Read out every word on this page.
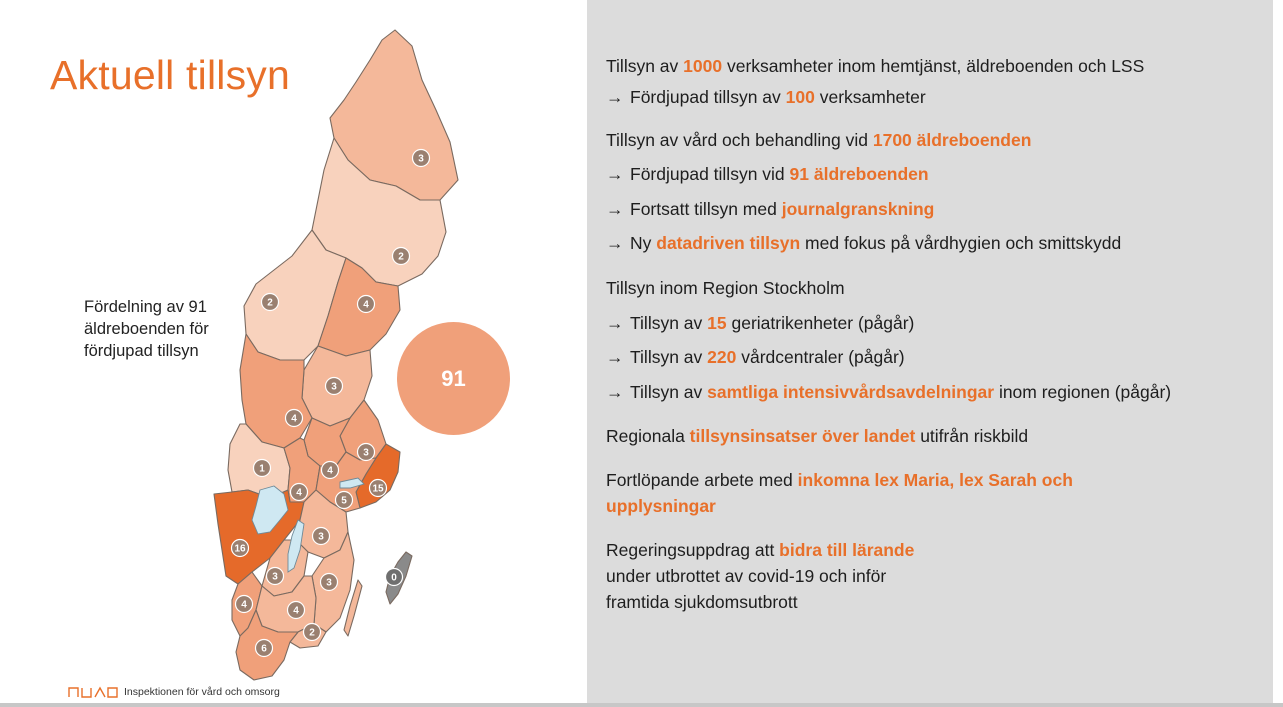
Aktuell tillsyn
Fördelning av 91 äldreboenden för fördjupad tillsyn
3
2
2	4
3
4
1
3
4
15
4
5
16
3
3
3	0
4
4
2
6
91
Inspektionen för vård och omsorg
Tillsyn av 1000 verksamheter inom hemtjänst, äldreboenden och LSS
→ Fördjupad tillsyn av 100 verksamheter
Tillsyn av vård och behandling vid 1700 äldreboenden
→ Fördjupad tillsyn vid 91 äldreboenden
→ Fortsatt tillsyn med journalgranskning
→ Ny datadriven tillsyn med fokus på vårdhygien och smittskydd
Tillsyn inom Region Stockholm
→ Tillsyn av 15 geriatrikenheter (pågår)
→ Tillsyn av 220 vårdcentraler (pågår)
→ Tillsyn av samtliga intensivvårdsavdelningar inom regionen (pågår)
Regionala tillsynsinsatser över landet utifrån riskbild
Fortlöpande arbete med inkomna lex Maria, lex Sarah och upplysningar
Regeringsuppdrag att bidra till lärande under utbrottet av covid-19 och inför framtida sjukdomsutbrott
